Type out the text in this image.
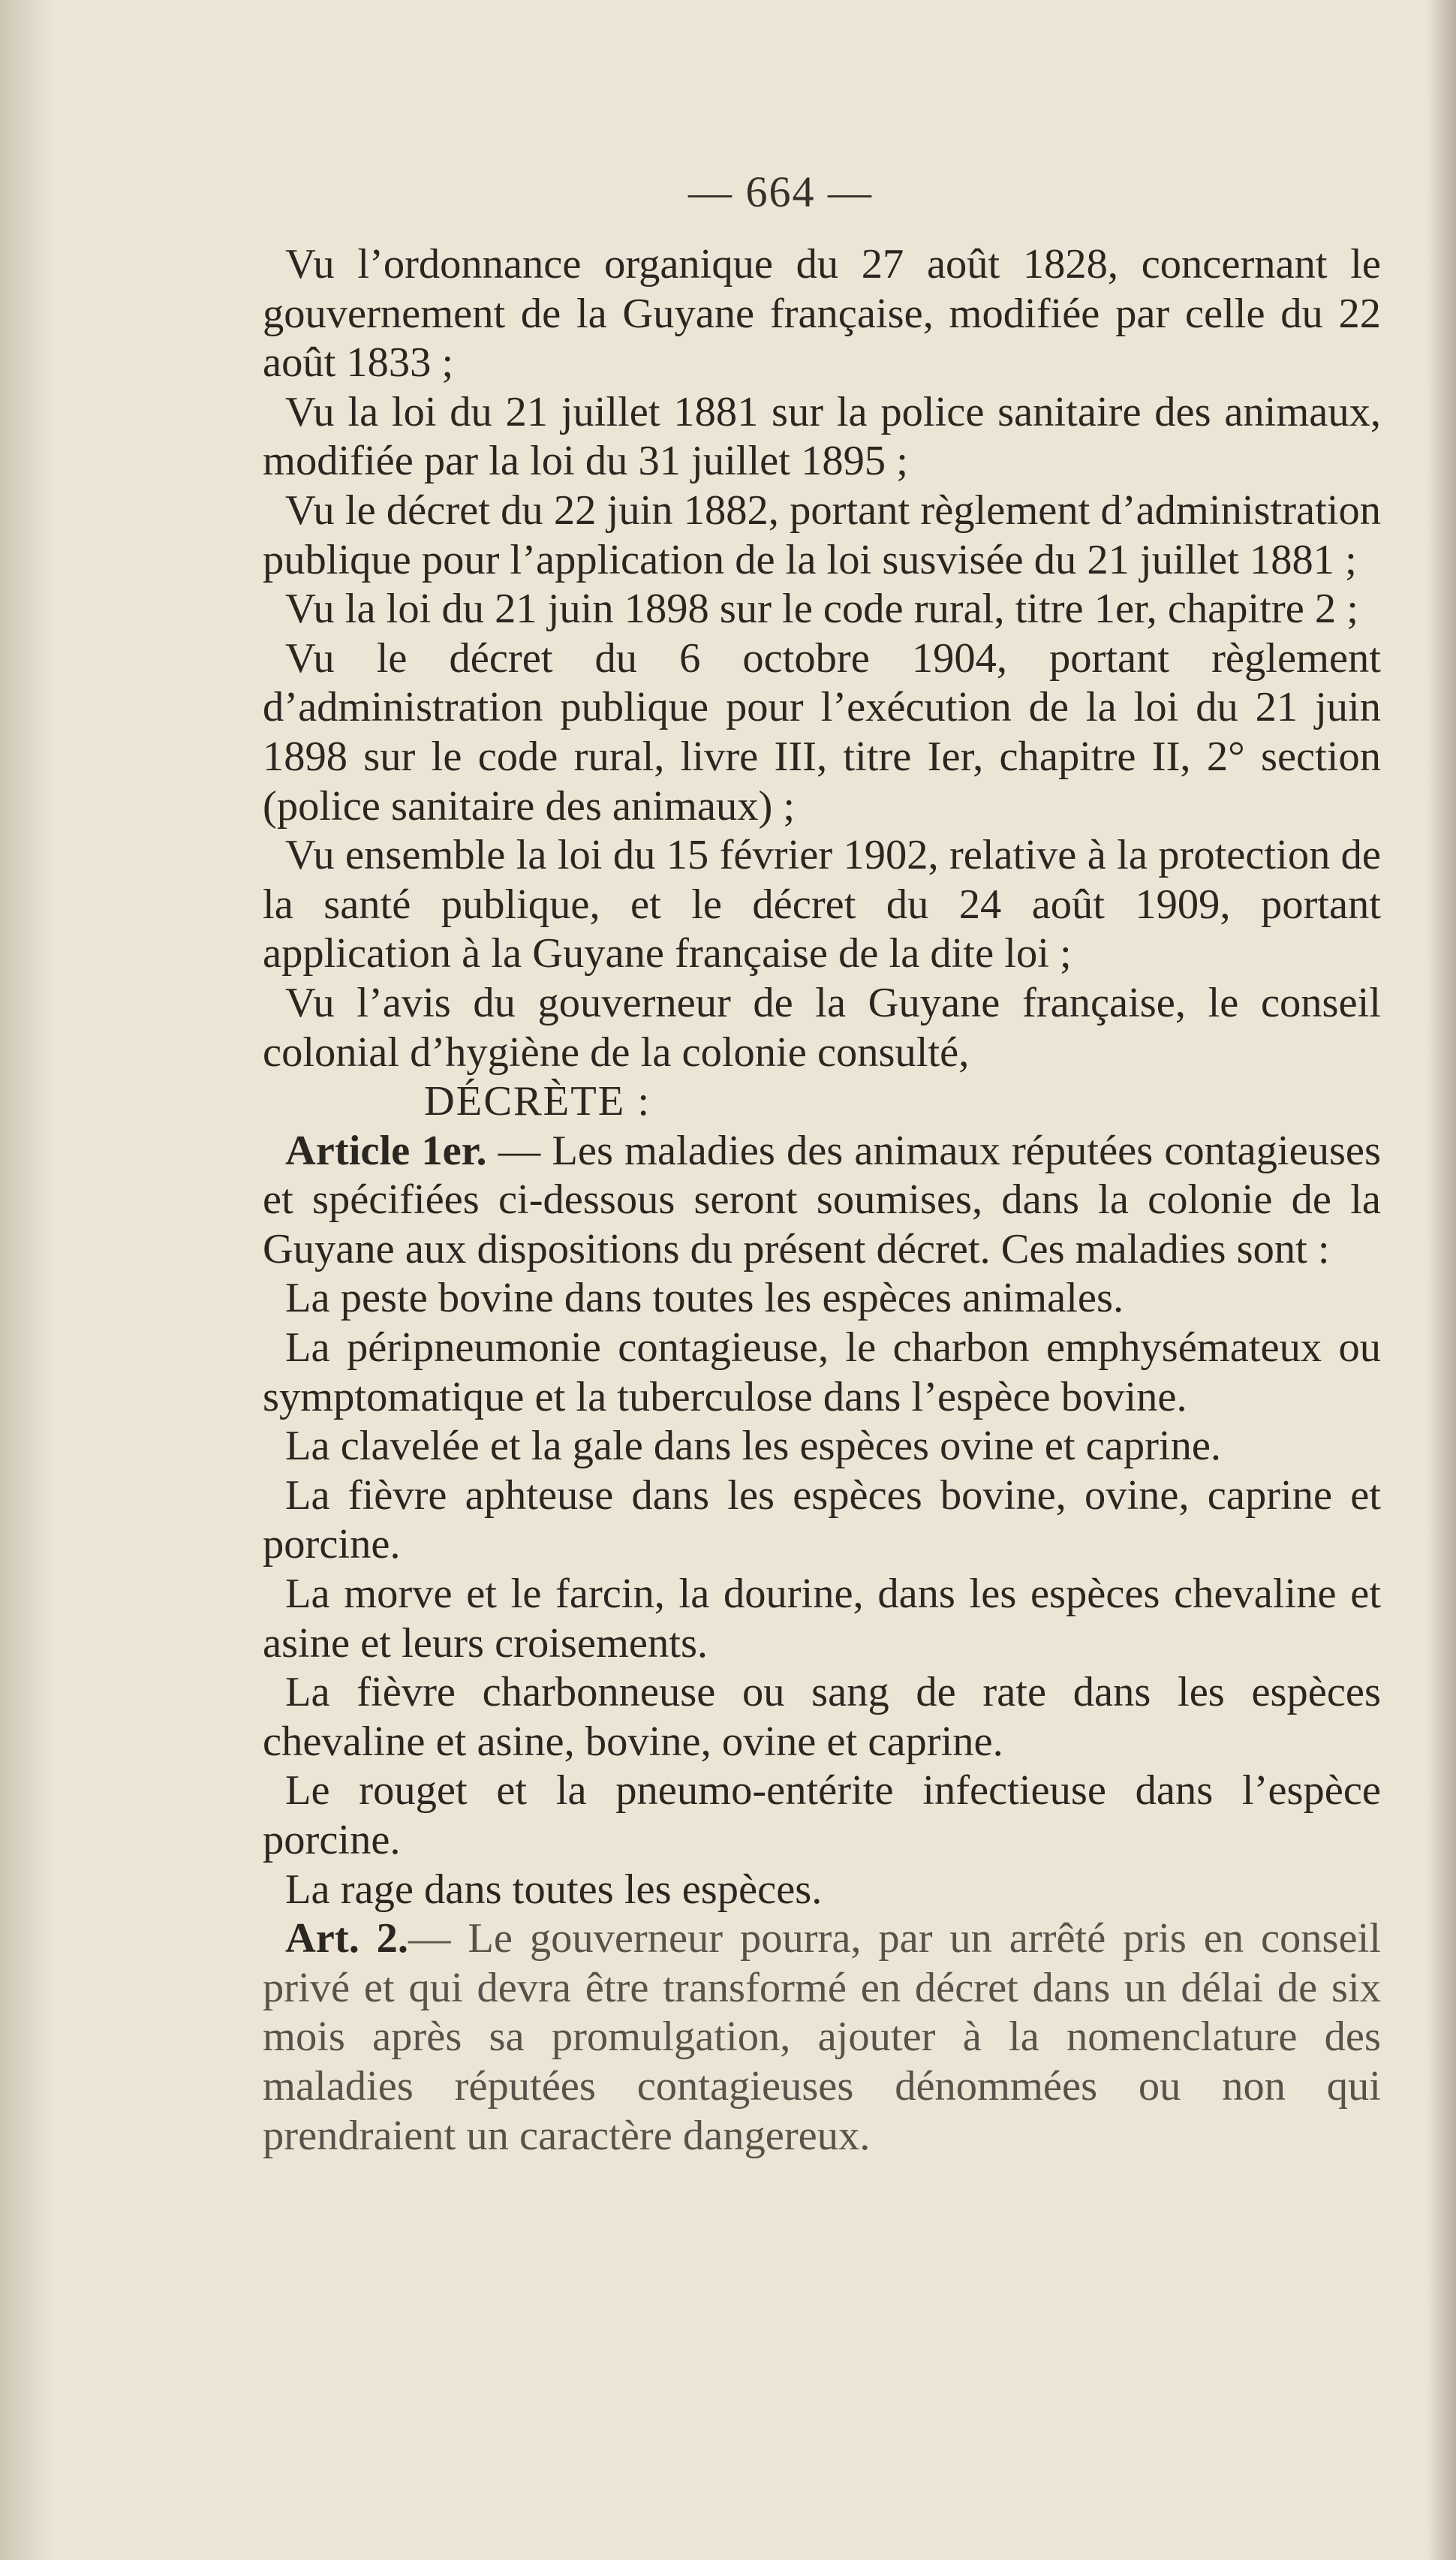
— 664 —

Vu l’ordonnance organique du 27 août 1828, concernant le gouvernement de la Guyane française, modifiée par celle du 22 août 1833 ;

Vu la loi du 21 juillet 1881 sur la police sanitaire des animaux, modifiée par la loi du 31 juillet 1895 ;

Vu le décret du 22 juin 1882, portant règlement d’administration publique pour l’application de la loi susvisée du 21 juillet 1881 ;

Vu la loi du 21 juin 1898 sur le code rural, titre 1er, chapitre 2 ;

Vu le décret du 6 octobre 1904, portant règlement d’administration publique pour l’exécution de la loi du 21 juin 1898 sur le code rural, livre III, titre Ier, chapitre II, 2° section (police sanitaire des animaux) ;

Vu ensemble la loi du 15 février 1902, relative à la protection de la santé publique, et le décret du 24 août 1909, portant application à la Guyane française de la dite loi ;

Vu l’avis du gouverneur de la Guyane française, le conseil colonial d’hygiène de la colonie consulté,

DÉCRÈTE :

Article 1er. — Les maladies des animaux réputées contagieuses et spécifiées ci-dessous seront soumises, dans la colonie de la Guyane aux dispositions du présent décret. Ces maladies sont :

La peste bovine dans toutes les espèces animales.

La péripneumonie contagieuse, le charbon emphysémateux ou symptomatique et la tuberculose dans l’espèce bovine.

La clavelée et la gale dans les espèces ovine et caprine.

La fièvre aphteuse dans les espèces bovine, ovine, caprine et porcine.

La morve et le farcin, la dourine, dans les espèces chevaline et asine et leurs croisements.

La fièvre charbonneuse ou sang de rate dans les espèces chevaline et asine, bovine, ovine et caprine.

Le rouget et la pneumo-entérite infectieuse dans l’espèce porcine.

La rage dans toutes les espèces.

Art. 2.— Le gouverneur pourra, par un arrêté pris en conseil privé et qui devra être transformé en décret dans un délai de six mois après sa promulgation, ajouter à la nomenclature des maladies réputées contagieuses dénommées ou non qui prendraient un caractère dangereux.
